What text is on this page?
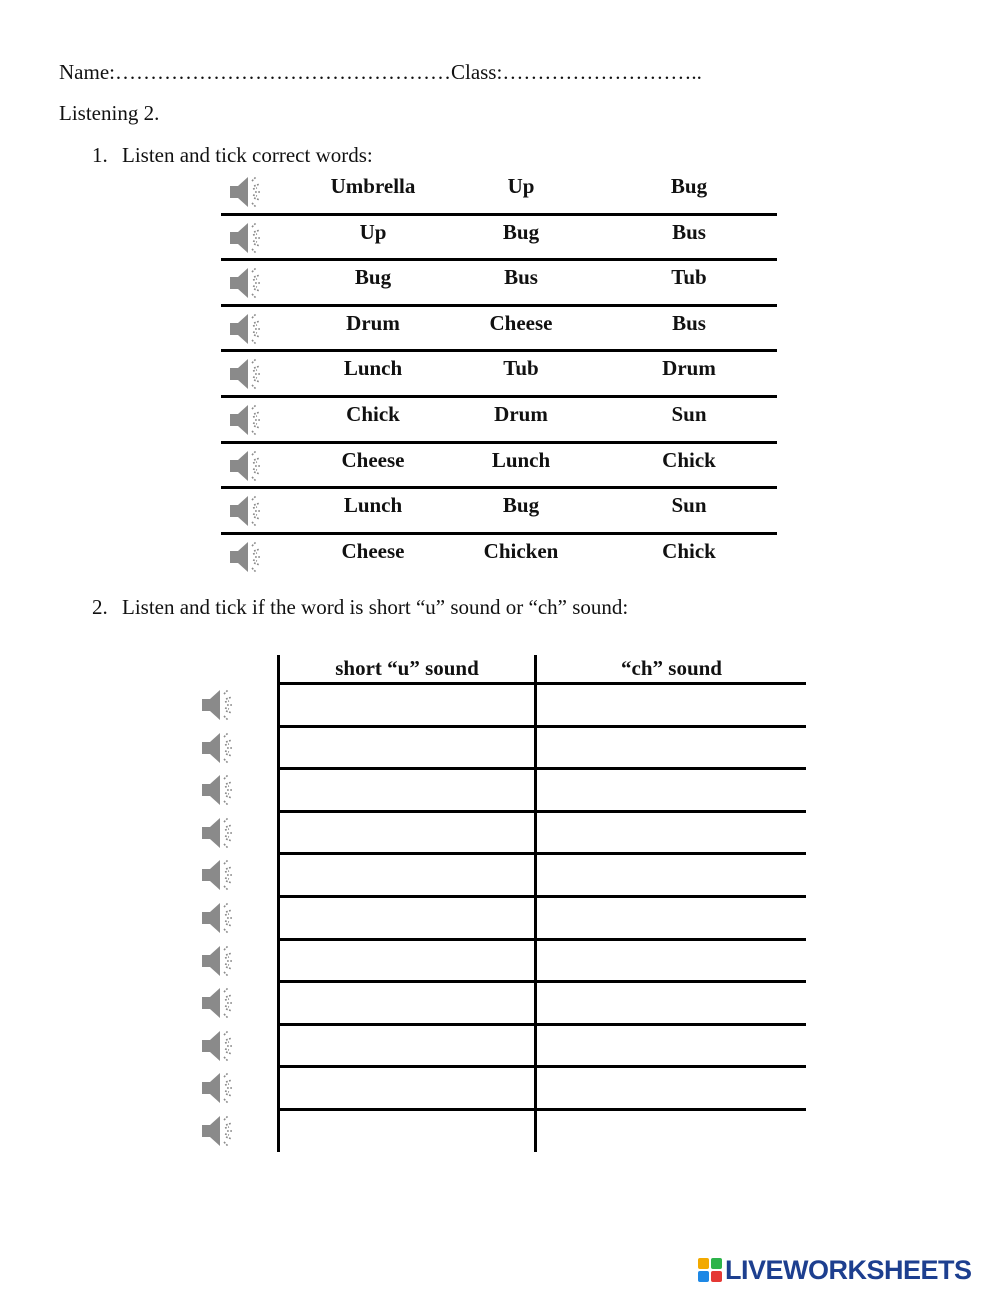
Name:…………………………………………Class:………………………..
Listening 2.
1. Listen and tick correct words:
Umbrella	Up	Bug
Up	Bug	Bus
Bug	Bus	Tub
Drum	Cheese	Bus
Lunch	Tub	Drum
Chick	Drum	Sun
Cheese	Lunch	Chick
Lunch	Bug	Sun
Cheese	Chicken	Chick
2. Listen and tick if the word is short “u” sound or “ch” sound:
short “u” sound	“ch” sound
LIVEWORKSHEETS
